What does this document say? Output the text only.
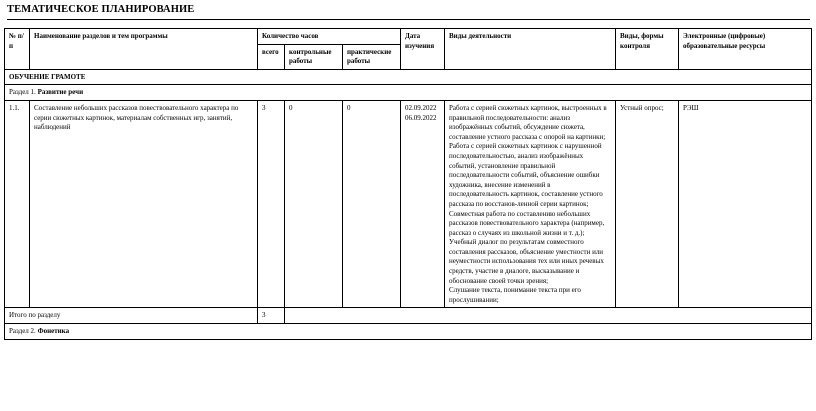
ТЕМАТИЧЕСКОЕ ПЛАНИРОВАНИЕ
№ п/п	Наименование разделов и тем программы	Количество часов			Дата изучения	Виды деятельности	Виды, формы контроля	Электронные (цифровые) образовательные ресурсы
		всего	контрольные работы	практические работы				
ОБУЧЕНИЕ ГРАМОТЕ								
Раздел 1. Развитие речи								
1.1.	Составление небольших рассказов повествовательного характера по серии сюжетных картинок, материалам собственных игр, занятий, наблюдений	3	0	0	02.09.2022
06.09.2022	Работа с серией сюжетных картинок, выстроенных в правильной последовательности: анализ изображённых событий, обсуждение сюжета, составление устного рассказа с опорой на картинки;
Работа с серией сюжетных картинок с нарушенной последовательностью, анализ изображённых событий, установление правильной последовательности событий, объяснение ошибки художника, внесение изменений в последовательность картинок, составление устного рассказа по восстанов-ленной серии картинок;
Совместная работа по составлению небольших рассказов повествовательного характера (например, рассказ о случаях из школьной жизни и т. д.);
Учебный диалог по результатам совместного составления рассказов, объяснение уместности или неуместности использования тех или иных речевых средств, участие в диалоге, высказывание и обоснование своей точки зрения;
Слушание текста, понимание текста при его прослушивании;	Устный опрос;	РЭШ
Итого по разделу		3						
Раздел 2. Фонетика								
